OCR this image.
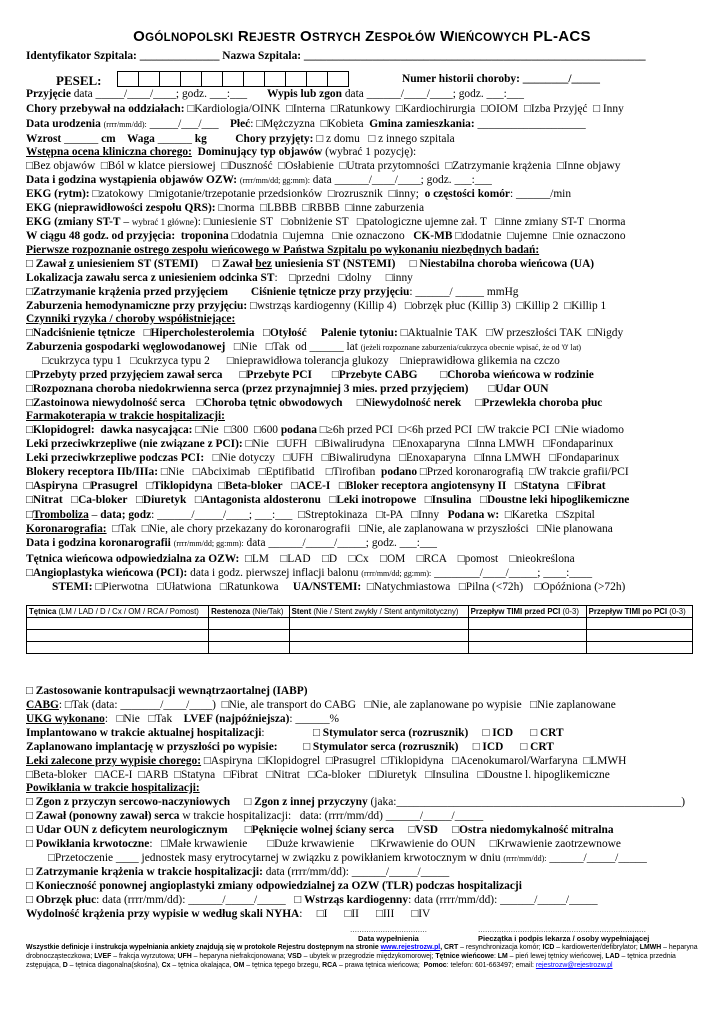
OGÓLNOPOLSKI REJESTR OSTRYCH ZESPOŁÓW WIEŃCOWYCH PL-ACS
PESEL:
Identyfikator Szpitala: ______________ Nazwa Szpitala: ____________________________________________________________
Numer historii choroby: ________/_____
Przyjęcie data _____/____/____; godz. ___:___       Wypis lub zgon data ______/____/____; godz. ___:___
Chory przebywał na oddziałach: □Kardiologia/OINK  □Interna  □Ratunkowy  □Kardiochirurgia  □OIOM  □Izba Przyjęć  □ Inny
Data urodzenia (rrrr/mm/dd): _____/___/___    Płeć: □Mężczyzna  □Kobieta  Gmina zamieszkania: ___________________
Wzrost ______ cm Waga ______ kg Chory przyjęty: □ z domu   □ z innego szpitala
Wstępna ocena kliniczna chorego: Dominujący typ objawów (wybrać 1 pozycję):
□Bez objawów  □Ból w klatce piersiowej  □Duszność  □Osłabienie  □Utrata przytomności  □Zatrzymanie krążenia  □Inne objawy
Data i godzina wystąpienia objawów OZW: (rrrr/mm/dd; gg:mm): data ______/____/____; godz. ___:___
EKG (rytm): □zatokowy  □migotanie/trzepotanie przedsionków  □rozrusznik  □inny;  o częstości komór: ______/min
EKG (nieprawidłowości zespołu QRS): □norma  □LBBB  □RBBB  □inne zaburzenia
EKG (zmiany ST-T – wybrać 1 główne): □uniesienie ST   □obniżenie ST   □patologiczne ujemne zał. T   □inne zmiany ST-T  □norma
W ciągu 48 godz. od przyjęcia:  troponina □dodatnia  □ujemna   □nie oznaczono   CK-MB □dodatnie  □ujemne  □nie oznaczono
Pierwsze rozpoznanie ostrego zespołu wieńcowego w Państwa Szpitalu po wykonaniu niezbędnych badań:
□ Zawał z uniesieniem ST (STEMI)     □ Zawał bez uniesienia ST (NSTEMI)     □ Niestabilna choroba wieńcowa (UA)
Lokalizacja zawału serca z uniesieniem odcinka ST:    □przedni   □dolny     □inny
□Zatrzymanie krążenia przed przyjęciem Ciśnienie tętnicze przy przyjęciu: ______/ _____ mmHg
Zaburzenia hemodynamiczne przy przyjęciu: □wstrząs kardiogenny (Killip 4)   □obrzęk płuc (Killip 3)  □Killip 2  □Killip 1
Czynniki ryzyka / choroby współistniejące:
□Nadciśnienie tętnicze   □Hipercholesterolemia   □Otyłość Palenie tytoniu: □Aktualnie TAK   □W przeszłości TAK  □Nigdy
Zaburzenia gospodarki węglowodanowej   □Nie   □Tak  od ______ lat (jeżeli rozpoznane zaburzenia/cukrzyca obecnie wpisać, że od '0' lat)
□cukrzyca typu 1   □cukrzyca typu 2      □nieprawidłowa tolerancja glukozy    □nieprawidłowa glikemia na czczo
□Przebyty przed przyjęciem zawał serca      □Przebyte PCI       □Przebyte CABG        □Choroba wieńcowa w rodzinie
□Rozpoznana choroba niedokrwienna serca (przez przynajmniej 3 mies. przed przyjęciem)       □Udar OUN
□Zastoinowa niewydolność serca    □Choroba tętnic obwodowych     □Niewydolność nerek     □Przewlekła choroba płuc
Farmakoterapia w trakcie hospitalizacji:
□Klopidogrel:  dawka nasycająca: □Nie  □300  □600 podana □≥6h przed PCI  □<6h przed PCI  □W trakcie PCI  □Nie wiadomo
Leki przeciwkrzepliwe (nie związane z PCI): □Nie   □UFH   □Biwalirudyna   □Enoxaparyna   □Inna LMWH   □Fondaparinux
Leki przeciwkrzepliwe podczas PCI:   □Nie dotyczy   □UFH   □Biwalirudyna   □Enoxaparyna   □Inna LMWH   □Fondaparinux
Blokery receptora IIb/IIIa: □Nie   □Abciximab   □Eptifibatid    □Tirofiban  podano □Przed koronarografią  □W trakcie grafii/PCI
□Aspiryna  □Prasugrel   □Tiklopidyna  □Beta-bloker   □ACE-I   □Bloker receptora angiotensyny II   □Statyna   □Fibrat
□Nitrat   □Ca-bloker   □Diuretyk   □Antagonista aldosteronu   □Leki inotropowe   □Insulina   □Doustne leki hipoglikemiczne
□Tromboliza – data; godz: ______/_____/____; ___:___  □Streptokinaza   □t-PA   □Inny   Podana w:  □Karetka   □Szpital
Koronarografia:  □Tak  □Nie, ale chory przekazany do koronarografii   □Nie, ale zaplanowana w przyszłości   □Nie planowana
Data i godzina koronarografii (rrrr/mm/dd; gg:mm): data ______/_____/_____; godz. ___:___
Tętnica wieńcowa odpowiedzialna za OZW:  □LM    □LAD    □D    □Cx    □OM    □RCA    □pomost    □nieokreślona
□Angioplastyka wieńcowa (PCI): data i godz. pierwszej inflacji balonu (rrrr/mm/dd; gg:mm): ________/____/_____; ____:____
STEMI: □Pierwotna   □Ułatwiona   □Ratunkowa     UA/NSTEMI:  □Natychmiastowa   □Pilna (<72h)    □Opóźniona (>72h)
□ Zastosowanie kontrapulsacji wewnątrzaortalnej (IABP)
CABG: □Tak (data: _______/____/____)  □Nie, ale transport do CABG   □Nie, ale zaplanowane po wypisie   □Nie zaplanowane
UKG wykonano:   □Nie   □Tak    LVEF (najpóźniejsza): ______%
Implantowano w trakcie aktualnej hospitalizacji:                 □ Stymulator serca (rozrusznik)     □ ICD      □ CRT
Zaplanowano implantację w przyszłości po wypisie:         □ Stymulator serca (rozrusznik)     □ ICD      □ CRT
Leki zalecone przy wypisie chorego: □Aspiryna  □Klopidogrel  □Prasugrel  □Tiklopidyna   □Acenokumarol/Warfaryna  □LMWH
□Beta-bloker   □ACE-I  □ARB  □Statyna   □Fibrat   □Nitrat   □Ca-bloker   □Diuretyk   □Insulina   □Doustne l. hipoglikemiczne
Powikłania w trakcie hospitalizacji:
□ Zgon z przyczyn sercowo-naczyniowych     □ Zgon z innej przyczyny (jaka:__________________________________________________)
□ Zawał (ponowny zawał) serca w trakcie hospitalizacji:   data: (rrrr/mm/dd) ______/_____/_____
□ Udar OUN z deficytem neurologicznym      □Pęknięcie wolnej ściany serca     □VSD     □Ostra niedomykalność mitralna
□ Powikłania krwotoczne:   □Małe krwawienie       □Duże krwawienie      □Krwawienie do OUN     □Krwawienie zaotrzewnowe
□Przetoczenie ____ jednostek masy erytrocytarnej w związku z powikłaniem krwotocznym w dniu (rrrr/mm/dd): ______/_____/_____
□ Zatrzymanie krążenia w trakcie hospitalizacji: data (rrrr/mm/dd): ______/_____/_____
□ Konieczność ponownej angioplastyki zmiany odpowiedzialnej za OZW (TLR) podczas hospitalizacji
□ Obrzęk płuc: data (rrrr/mm/dd): ______/_____/_____   □ Wstrząs kardiogenny: data (rrrr/mm/dd): ______/_____/_____
Wydolność krążenia przy wypisie w według skali NYHA:     □I      □II      □III      □IV
Tętnica (LM / LAD / D / Cx / OM / RCA / Pomost)	Restenoza (Nie/Tak)	Stent (Nie / Stent zwykły / Stent antymitotyczny)	Przepływ TIMI przed PCI (0-3)	Przepływ TIMI po PCI (0-3)

……………………………	………………………………………………………………
Data wypełnienia	Pieczątka i podpis lekarza / osoby wypełniającej
Wszystkie definicje i instrukcja wypełniania ankiety znajdują się w protokole Rejestru dostępnym na stronie www.rejestrozw.pl, CRT – resynchronizacja komór; ICD – kardiowerter/defibrylator; LMWH – heparyna drobnocząsteczkowa; LVEF – frakcja wyrzutowa; UFH – heparyna niefrakcjonowana; VSD – ubytek w przegrodzie międzykomorowej; Tętnice wieńcowe: LM – pień lewej tętnicy wieńcowej, LAD – tętnica przednia zstępująca, D – tętnica diagonalna(skośna), Cx – tętnica okalająca, OM – tętnica tępego brzegu, RCA – prawa tętnica wieńcowa;  Pomoc: telefon: 601-663497; email: rejestrozw@rejestrozw.pl
